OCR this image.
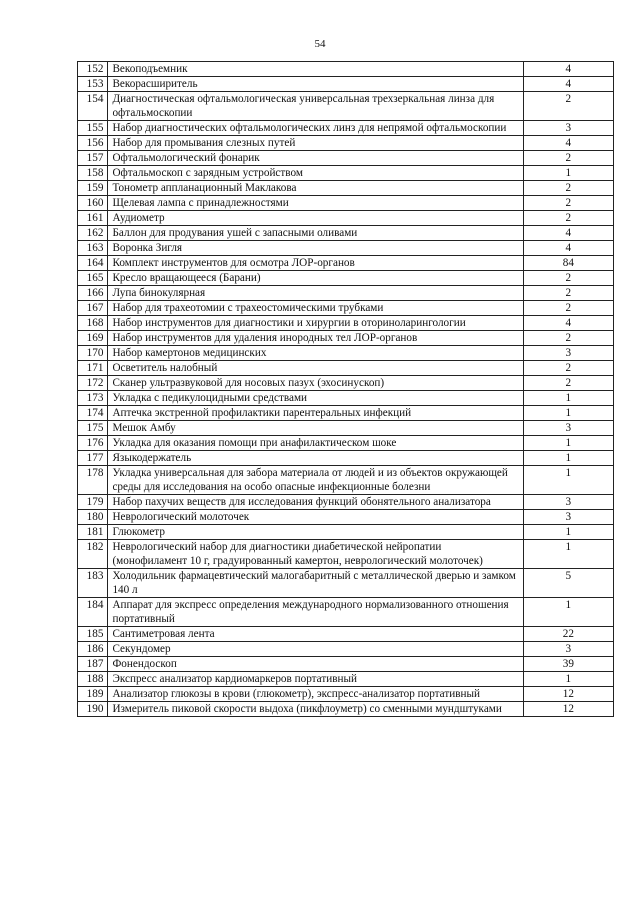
54
152	Векоподъемник	4
153	Векорасширитель	4
154	Диагностическая офтальмологическая универсальная трехзеркальная линза для офтальмоскопии	2
155	Набор диагностических офтальмологических линз для непрямой офтальмоскопии	3
156	Набор для промывания слезных путей	4
157	Офтальмологический фонарик	2
158	Офтальмоскоп с зарядным устройством	1
159	Тонометр аппланационный Маклакова	2
160	Щелевая лампа с принадлежностями	2
161	Аудиометр	2
162	Баллон для продувания ушей с запасными оливами	4
163	Воронка Зигля	4
164	Комплект инструментов для осмотра ЛОР-органов	84
165	Кресло вращающееся (Барани)	2
166	Лупа бинокулярная	2
167	Набор для трахеотомии с трахеостомическими трубками	2
168	Набор инструментов для диагностики и хирургии в оториноларингологии	4
169	Набор инструментов для удаления инородных тел ЛОР-органов	2
170	Набор камертонов медицинских	3
171	Осветитель налобный	2
172	Сканер ультразвуковой для носовых пазух (эхосинускоп)	2
173	Укладка с педикулоцидными средствами	1
174	Аптечка экстренной профилактики парентеральных инфекций	1
175	Мешок Амбу	3
176	Укладка для оказания помощи при анафилактическом шоке	1
177	Языкодержатель	1
178	Укладка универсальная для забора материала от людей и из объектов окружающей среды для исследования на особо опасные инфекционные болезни	1
179	Набор пахучих веществ для исследования функций обонятельного анализатора	3
180	Неврологический молоточек	3
181	Глюкометр	1
182	Неврологический набор для диагностики диабетической нейропатии (монофиламент 10 г, градуированный камертон, неврологический молоточек)	1
183	Холодильник фармацевтический малогабаритный с металлической дверью и замком 140 л	5
184	Аппарат для экспресс определения международного нормализованного отношения портативный	1
185	Сантиметровая лента	22
186	Секундомер	3
187	Фонендоскоп	39
188	Экспресс анализатор кардиомаркеров портативный	1
189	Анализатор глюкозы в крови (глюкометр), экспресс-анализатор портативный	12
190	Измеритель пиковой скорости выдоха (пикфлоуметр) со сменными мундштуками	12
